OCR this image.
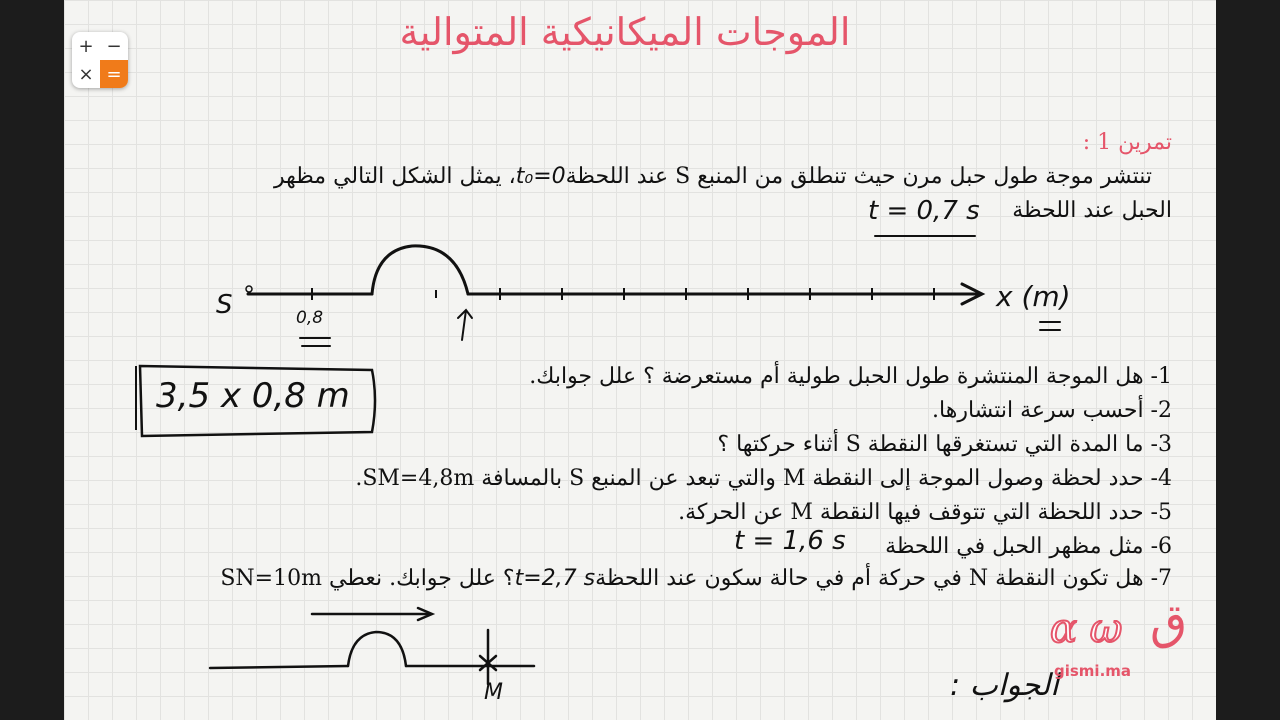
+ −
× =
الموجات الميكانيكية المتوالية
تمرين 1 :
تنتشر موجة طول حبل مرن حيث تنطلق من المنبع S عند اللحظةt₀=0، يمثل الشكل التالي مظهر
الحبل عند اللحظة
t = 0,7 s
S	0,8
x (m)
3,5 x 0,8 m	1- هل الموجة المنتشرة طول الحبل طولية أم مستعرضة ؟ علل جوابك.
2- أحسب سرعة انتشارها.
3- ما المدة التي تستغرقها النقطة S أثناء حركتها ؟
4- حدد لحظة وصول الموجة إلى النقطة M والتي تبعد عن المنبع S بالمسافة SM=4,8m.
5- حدد اللحظة التي تتوقف فيها النقطة M عن الحركة.
6- مثل مظهر الحبل في اللحظة
t = 1,6 s
7- هل تكون النقطة N في حركة أم في حالة سكون عند اللحظةt=2,7 s؟ علل جوابك. نعطي SN=10m
M	الجواب :
α ω ق
gismi.ma
